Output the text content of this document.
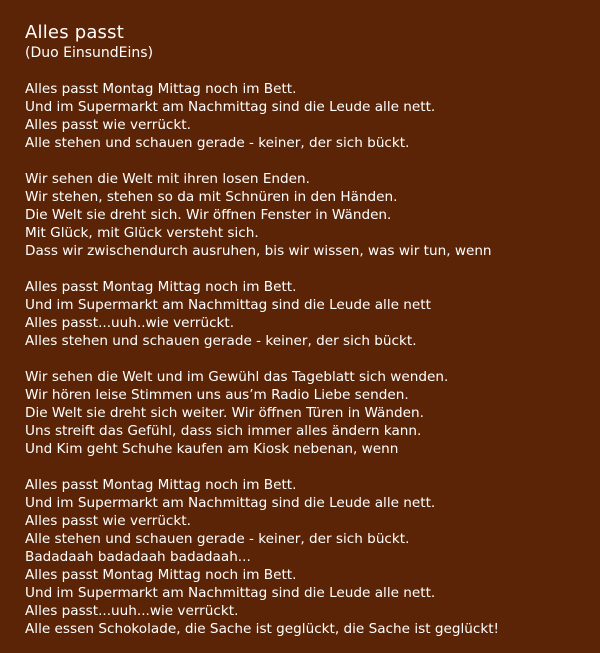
Alles passt
(Duo EinsundEins)
Alles passt Montag Mittag noch im Bett.
Und im Supermarkt am Nachmittag sind die Leude alle nett.
Alles passt wie verrückt.
Alle stehen und schauen gerade - keiner, der sich bückt.
Wir sehen die Welt mit ihren losen Enden.
Wir stehen, stehen so da mit Schnüren in den Händen.
Die Welt sie dreht sich. Wir öffnen Fenster in Wänden.
Mit Glück, mit Glück versteht sich.
Dass wir zwischendurch ausruhen, bis wir wissen, was wir tun, wenn
Alles passt Montag Mittag noch im Bett.
Und im Supermarkt am Nachmittag sind die Leude alle nett
Alles passt...uuh..wie verrückt.
Alles stehen und schauen gerade - keiner, der sich bückt.
Wir sehen die Welt und im Gewühl das Tageblatt sich wenden.
Wir hören leise Stimmen uns aus’m Radio Liebe senden.
Die Welt sie dreht sich weiter. Wir öffnen Türen in Wänden.
Uns streift das Gefühl, dass sich immer alles ändern kann.
Und Kim geht Schuhe kaufen am Kiosk nebenan, wenn
Alles passt Montag Mittag noch im Bett.
Und im Supermarkt am Nachmittag sind die Leude alle nett.
Alles passt wie verrückt.
Alle stehen und schauen gerade - keiner, der sich bückt.
Badadaah badadaah badadaah...
Alles passt Montag Mittag noch im Bett.
Und im Supermarkt am Nachmittag sind die Leude alle nett.
Alles passt...uuh...wie verrückt.
Alle essen Schokolade, die Sache ist geglückt, die Sache ist geglückt!
